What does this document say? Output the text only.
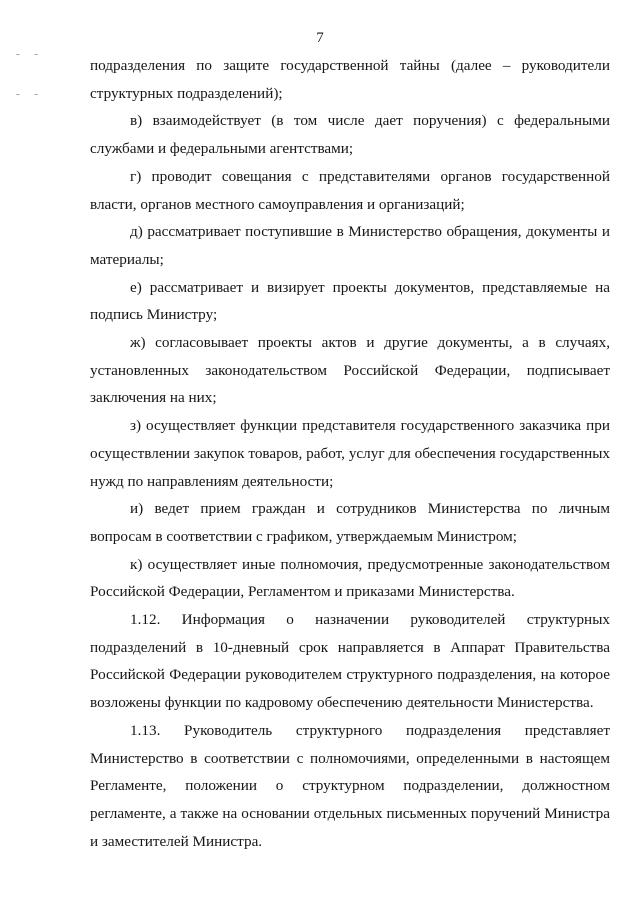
7
- -
- -

подразделения по защите государственной тайны (далее – руководители структурных подразделений);

в) взаимодействует (в том числе дает поручения) с федеральными службами и федеральными агентствами;

г) проводит совещания с представителями органов государственной власти, органов местного самоуправления и организаций;

д) рассматривает поступившие в Министерство обращения, документы и материалы;

е) рассматривает и визирует проекты документов, представляемые на подпись Министру;

ж) согласовывает проекты актов и другие документы, а в случаях, установленных законодательством Российской Федерации, подписывает заключения на них;

з) осуществляет функции представителя государственного заказчика при осуществлении закупок товаров, работ, услуг для обеспечения государственных нужд по направлениям деятельности;

и) ведет прием граждан и сотрудников Министерства по личным вопросам в соответствии с графиком, утверждаемым Министром;

к) осуществляет иные полномочия, предусмотренные законодательством Российской Федерации, Регламентом и приказами Министерства.

1.12. Информация о назначении руководителей структурных подразделений в 10-дневный срок направляется в Аппарат Правительства Российской Федерации руководителем структурного подразделения, на которое возложены функции по кадровому обеспечению деятельности Министерства.

1.13. Руководитель структурного подразделения представляет Министерство в соответствии с полномочиями, определенными в настоящем Регламенте, положении о структурном подразделении, должностном регламенте, а также на основании отдельных письменных поручений Министра и заместителей Министра.
